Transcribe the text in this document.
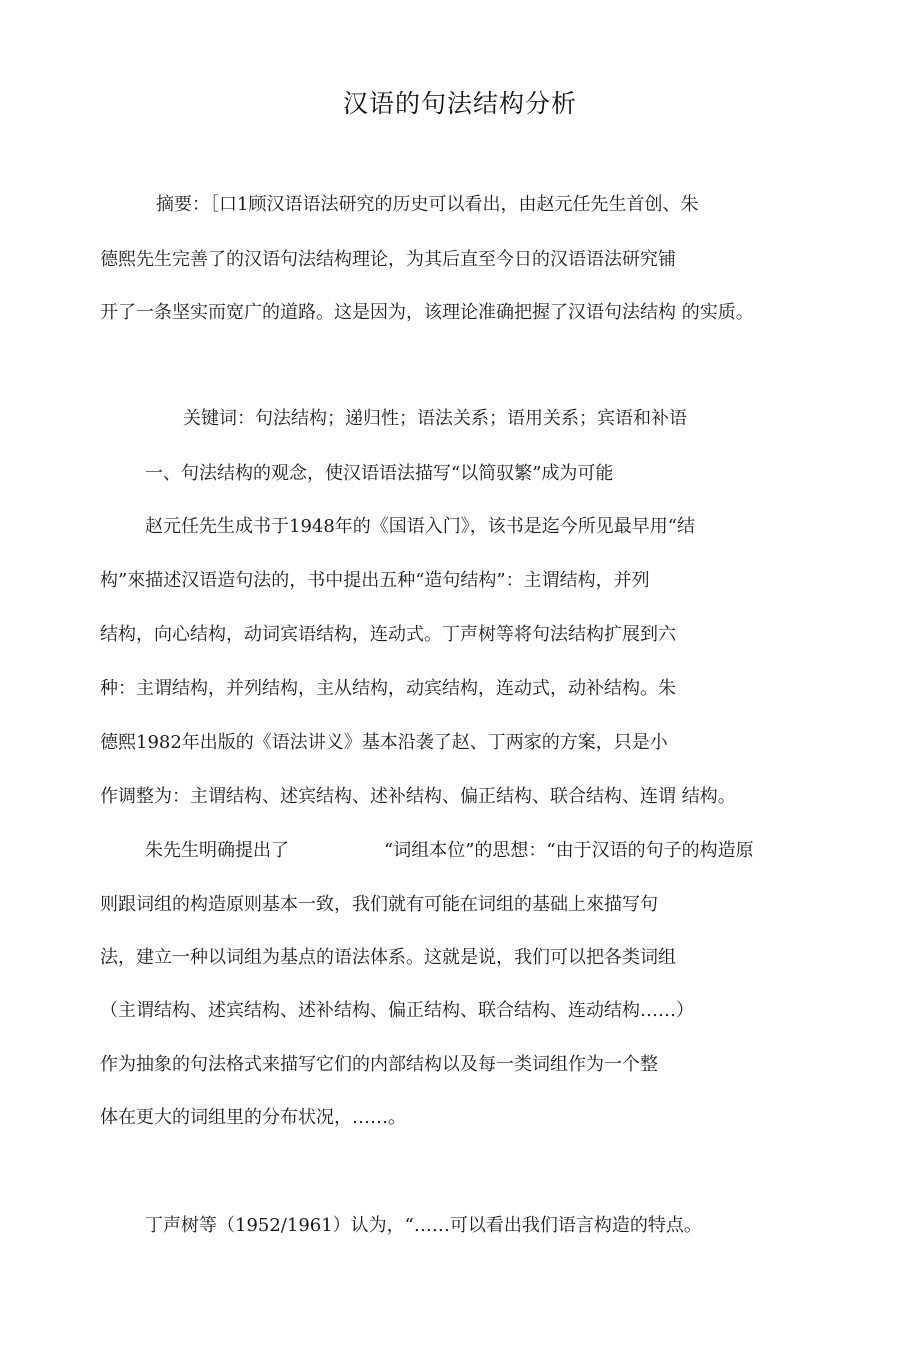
汉语的句法结构分析
摘要：［口1顾汉语语法研究的历史可以看出，由赵元任先生首创、朱
德熙先生完善了的汉语句法结构理论，为其后直至今日的汉语语法研究铺
开了一条坚实而宽广的道路。这是因为，该理论准确把握了汉语句法结构 的实质。
关键词：句法结构；递归性；语法关系；语用关系；宾语和补语
一、句法结构的观念，使汉语语法描写“以简驭繁”成为可能
赵元任先生成书于1948年的《国语入门》，该书是迄今所见最早用“结
构”來描述汉语造句法的，书中提出五种“造句结构”：主谓结构，并列
结构，向心结构，动词宾语结构，连动式。丁声树等将句法结构扩展到六
种：主谓结构，并列结构，主从结构，动宾结构，连动式，动补结构。朱
德熙1982年出版的《语法讲义》基本沿袭了赵、丁两家的方案，只是小
作调整为：主谓结构、述宾结构、述补结构、偏正结构、联合结构、连谓 结构。
朱先生明确提出了	“词组本位”的思想：“由于汉语的句子的构造原
则跟词组的构造原则基本一致，我们就有可能在词组的基础上來描写句
法，建立一种以词组为基点的语法体系。这就是说，我们可以把各类词组
（主谓结构、述宾结构、述补结构、偏正结构、联合结构、连动结构……）
作为抽象的句法格式来描写它们的内部结构以及每一类词组作为一个整
体在更大的词组里的分布状况，……。
丁声树等（1952/1961）认为，“……可以看出我们语言构造的特点。
